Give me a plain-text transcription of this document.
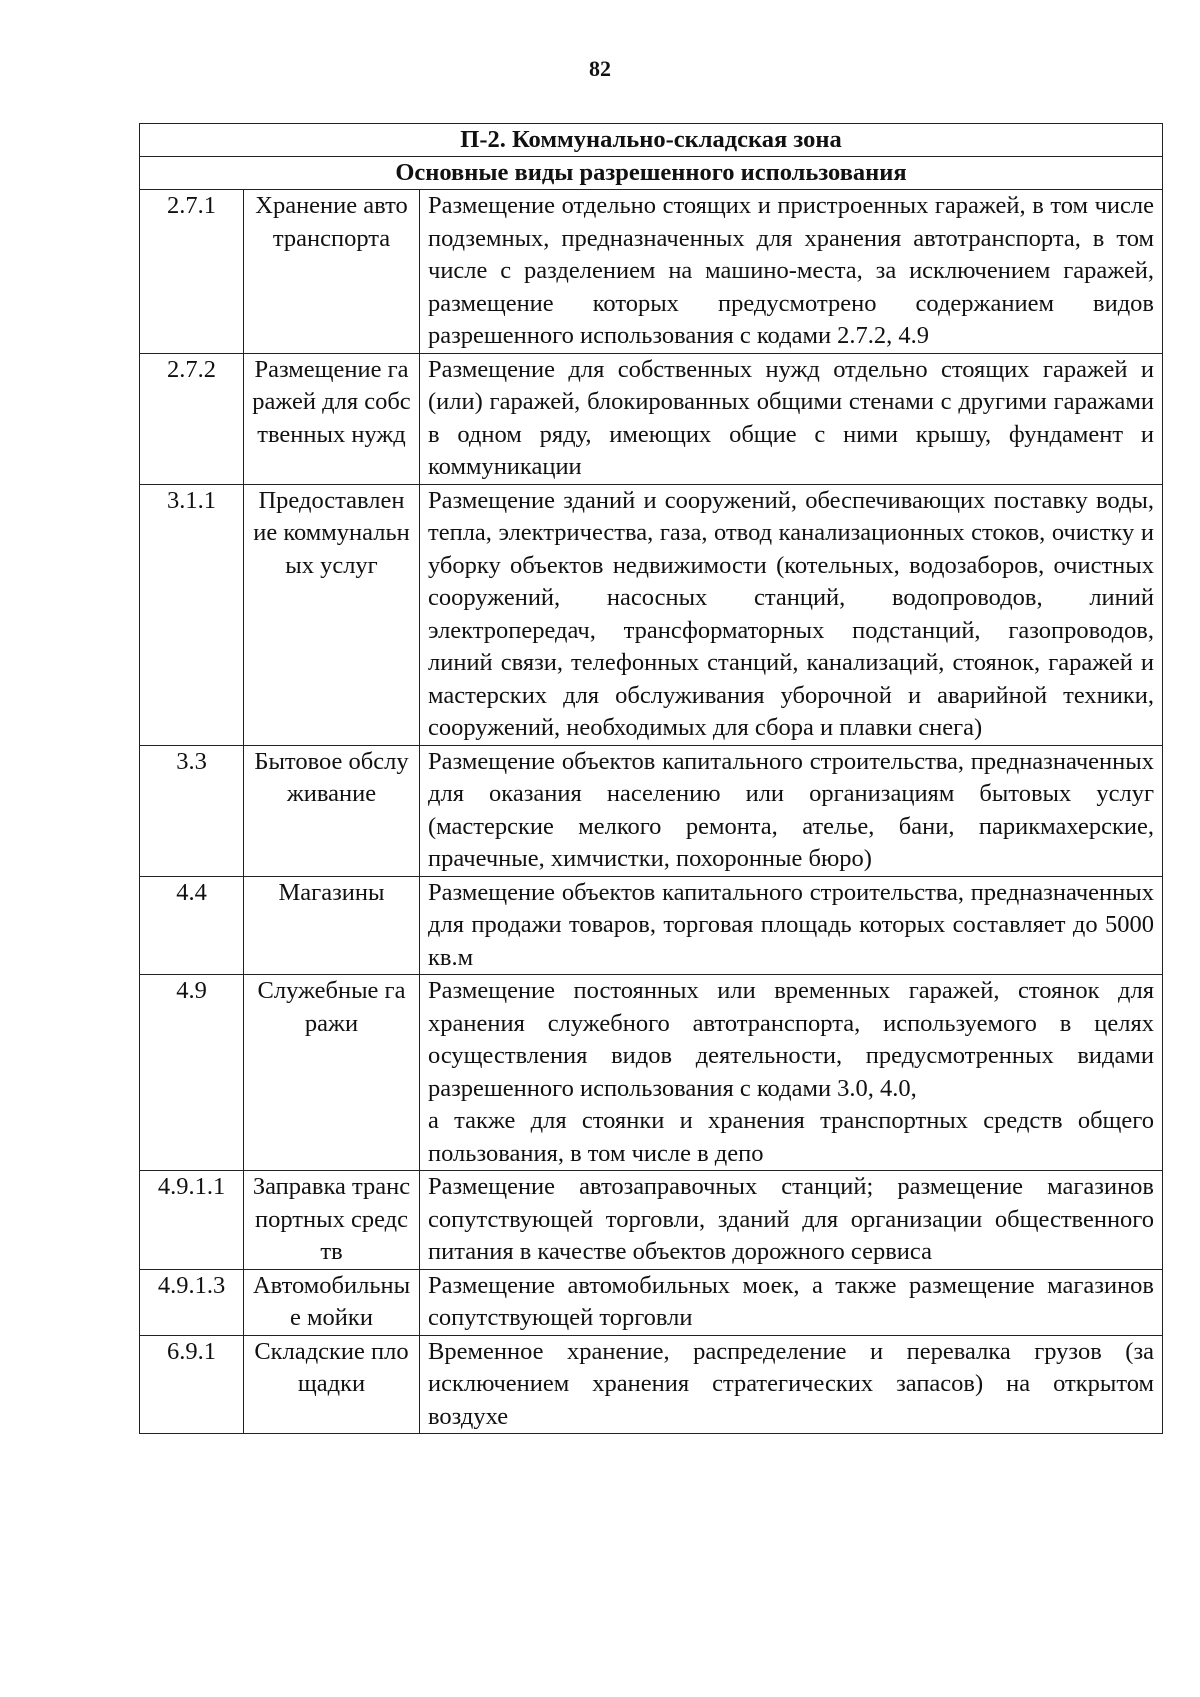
82
П-2. Коммунально-складская зона		
Основные виды разрешенного использования		
2.7.1	Хранение автотранспорта	Размещение отдельно стоящих и пристроенных гаражей, в том числе подземных, предназначенных для хранения автотранспорта, в том числе с разделением на машино-места, за исключением гаражей, размещение которых предусмотрено содержанием видов разрешенного использования с кодами 2.7.2, 4.9
2.7.2	Размещение гаражей для собственных нужд	Размещение для собственных нужд отдельно стоящих гаражей и (или) гаражей, блокированных общими стенами с другими гаражами в одном ряду, имеющих общие с ними крышу, фундамент и коммуникации
3.1.1	Предоставление коммунальных услуг	Размещение зданий и сооружений, обеспечивающих поставку воды, тепла, электричества, газа, отвод канализационных стоков, очистку и уборку объектов недвижимости (котельных, водозаборов, очистных сооружений, насосных станций, водопроводов, линий электропередач, трансформаторных подстанций, газопроводов, линий связи, телефонных станций, канализаций, стоянок, гаражей и мастерских для обслуживания уборочной и аварийной техники, сооружений, необходимых для сбора и плавки снега)
3.3	Бытовое обслуживание	Размещение объектов капитального строительства, предназначенных для оказания населению или организациям бытовых услуг (мастерские мелкого ремонта, ателье, бани, парикмахерские, прачечные, химчистки, похоронные бюро)
4.4	Магазины	Размещение объектов капитального строительства, предназначенных для продажи товаров, торговая площадь которых составляет до 5000 кв.м
4.9	Служебные гаражи	Размещение постоянных или временных гаражей, стоянок для хранения служебного автотранспорта, используемого в целях осуществления видов деятельности, предусмотренных видами разрешенного использования с кодами 3.0, 4.0,
а также для стоянки и хранения транспортных средств общего пользования, в том числе в депо

4.9.1.1	Заправка транспортных средств	Размещение автозаправочных станций; размещение магазинов сопутствующей торговли, зданий для организации общественного питания в качестве объектов дорожного сервиса
4.9.1.3	Автомобильные мойки	Размещение автомобильных моек, а также размещение магазинов сопутствующей торговли
6.9.1	Складские площадки	Временное хранение, распределение и перевалка грузов (за исключением хранения стратегических запасов) на открытом воздухе
